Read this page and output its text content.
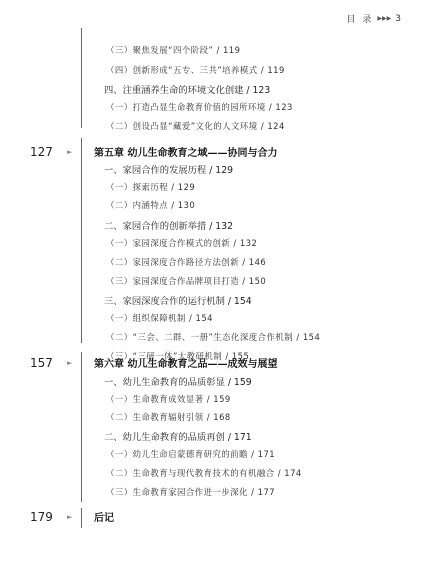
目 录 ▶▶▶ 3
（三）聚焦发展“四个阶段” / 119
（四）创新形成“五专、三共”培养模式 / 119
四、注重涵养生命的环境文化创建 / 123
（一）打造凸显生命教育价值的园所环境 / 123
（二）创设凸显“藏爱”文化的人文环境 / 124
127 ► 第五章 幼儿生命教育之域——协同与合力
一、家园合作的发展历程 / 129
（一）探索历程 / 129
（二）内涵特点 / 130
二、家园合作的创新举措 / 132
（一）家园深度合作模式的创新 / 132
（二）家园深度合作路径方法创新 / 146
（三）家园深度合作品牌项目打造 / 150
三、家园深度合作的运行机制 / 154
（一）组织保障机制 / 154
（二）“三会、二群、一册”生态化深度合作机制 / 154
（三）“三研一体”大教研机制 / 155
157 ► 第六章 幼儿生命教育之品——成效与展望
一、幼儿生命教育的品质彰显 / 159
（一）生命教育成效显著 / 159
（二）生命教育辐射引领 / 168
二、幼儿生命教育的品质再创 / 171
（一）幼儿生命启蒙德育研究的前瞻 / 171
（二）生命教育与现代教育技术的有机融合 / 174
（三）生命教育家园合作进一步深化 / 177
179 ► 后记
